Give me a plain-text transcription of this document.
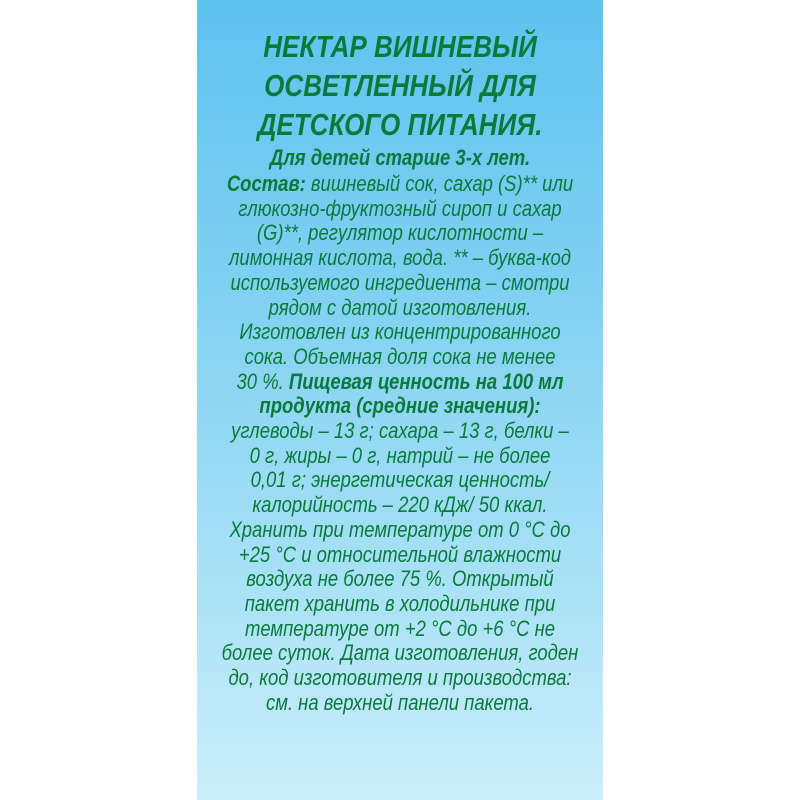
НЕКТАР ВИШНЕВЫЙ
ОСВЕТЛЕННЫЙ ДЛЯ
ДЕТСКОГО ПИТАНИЯ.

Для детей старше 3-х лет.

Состав: вишневый сок, сахар (S)** или
глюкозно-фруктозный сироп и сахар
(G)**, регулятор кислотности –
лимонная кислота, вода. ** – буква-код
используемого ингредиента – смотри
рядом с датой изготовления.
Изготовлен из концентрированного
сока. Объемная доля сока не менее
30 %. Пищевая ценность на 100 мл
продукта (средние значения):
углеводы – 13 г; сахара – 13 г, белки –
0 г, жиры – 0 г, натрий – не более
0,01 г; энергетическая ценность/
калорийность – 220 кДж/ 50 ккал.
Хранить при температуре от 0 °С до
+25 °С и относительной влажности
воздуха не более 75 %. Открытый
пакет хранить в холодильнике при
температуре от +2 °С до +6 °С не
более суток. Дата изготовления, годен
до, код изготовителя и производства:
см. на верхней панели пакета.
